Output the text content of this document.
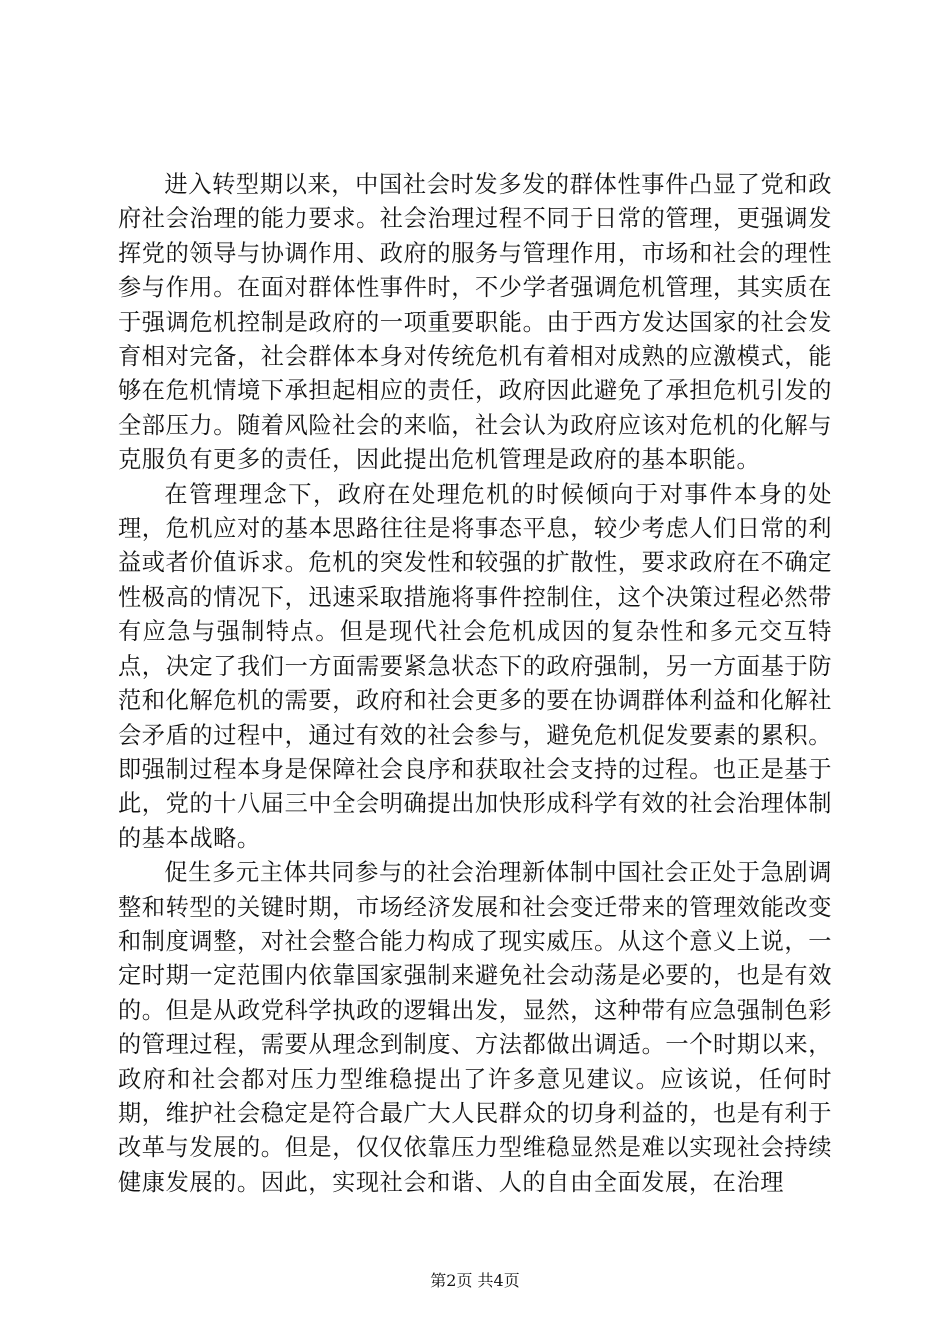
进入转型期以来，中国社会时发多发的群体性事件凸显了党和政府社会治理的能力要求。社会治理过程不同于日常的管理，更强调发挥党的领导与协调作用、政府的服务与管理作用，市场和社会的理性参与作用。在面对群体性事件时，不少学者强调危机管理，其实质在于强调危机控制是政府的一项重要职能。由于西方发达国家的社会发育相对完备，社会群体本身对传统危机有着相对成熟的应激模式，能够在危机情境下承担起相应的责任，政府因此避免了承担危机引发的全部压力。随着风险社会的来临，社会认为政府应该对危机的化解与克服负有更多的责任，因此提出危机管理是政府的基本职能。

在管理理念下，政府在处理危机的时候倾向于对事件本身的处理，危机应对的基本思路往往是将事态平息，较少考虑人们日常的利益或者价值诉求。危机的突发性和较强的扩散性，要求政府在不确定性极高的情况下，迅速采取措施将事件控制住，这个决策过程必然带有应急与强制特点。但是现代社会危机成因的复杂性和多元交互特点，决定了我们一方面需要紧急状态下的政府强制，另一方面基于防范和化解危机的需要，政府和社会更多的要在协调群体利益和化解社会矛盾的过程中，通过有效的社会参与，避免危机促发要素的累积。即强制过程本身是保障社会良序和获取社会支持的过程。也正是基于此，党的十八届三中全会明确提出加快形成科学有效的社会治理体制的基本战略。

促生多元主体共同参与的社会治理新体制中国社会正处于急剧调整和转型的关键时期，市场经济发展和社会变迁带来的管理效能改变和制度调整，对社会整合能力构成了现实威压。从这个意义上说，一定时期一定范围内依靠国家强制来避免社会动荡是必要的，也是有效的。但是从政党科学执政的逻辑出发，显然，这种带有应急强制色彩的管理过程，需要从理念到制度、方法都做出调适。一个时期以来，政府和社会都对压力型维稳提出了许多意见建议。应该说，任何时期，维护社会稳定是符合最广大人民群众的切身利益的，也是有利于改革与发展的。但是，仅仅依靠压力型维稳显然是难以实现社会持续健康发展的。因此，实现社会和谐、人的自由全面发展，在治理

第2页 共4页
